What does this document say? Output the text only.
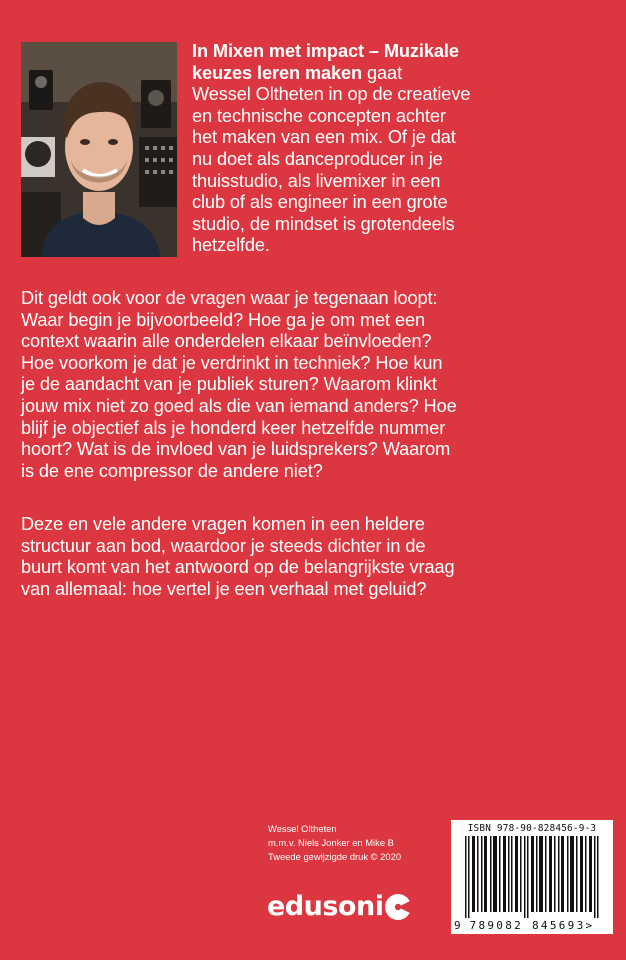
In Mixen met impact – Muzikale
keuzes leren maken gaat
Wessel Oltheten in op de creatieve
en technische concepten achter
het maken van een mix. Of je dat
nu doet als danceproducer in je
thuisstudio, als livemixer in een
club of als engineer in een grote
studio, de mindset is grotendeels
hetzelfde.
Dit geldt ook voor de vragen waar je tegenaan loopt:
Waar begin je bijvoorbeeld? Hoe ga je om met een
context waarin alle onderdelen elkaar beïnvloeden?
Hoe voorkom je dat je verdrinkt in techniek? Hoe kun
je de aandacht van je publiek sturen? Waarom klinkt
jouw mix niet zo goed als die van iemand anders? Hoe
blijf je objectief als je honderd keer hetzelfde nummer
hoort? Wat is de invloed van je luidsprekers? Waarom
is de ene compressor de andere niet?
Deze en vele andere vragen komen in een heldere
structuur aan bod, waardoor je steeds dichter in de
buurt komt van het antwoord op de belangrijkste vraag
van allemaal: hoe vertel je een verhaal met geluid?
Wessel Oltheten
m.m.v. Niels Jonker en Mike B
Tweede gewijzigde druk © 2020
edusoni
ISBN 978-90-828456-9-3
9 789082 845693>
